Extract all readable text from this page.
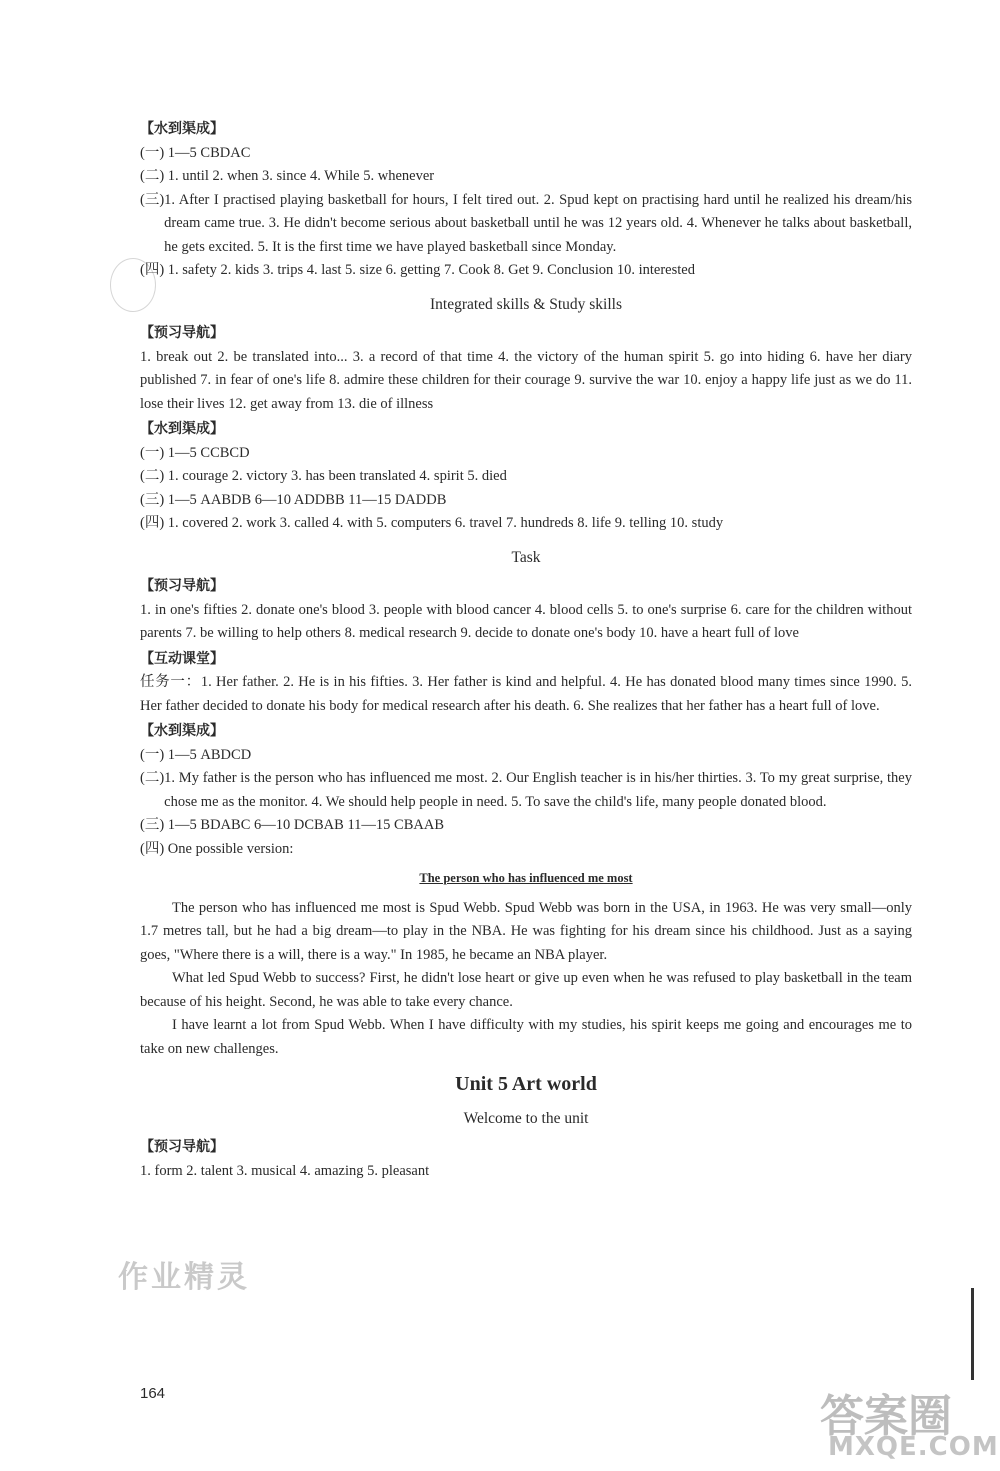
【水到渠成】
(一) 1—5 CBDAC
(二) 1. until 2. when 3. since 4. While 5. whenever
(三) 1. After I practised playing basketball for hours, I felt tired out. 2. Spud kept on practising hard until he realized his dream/his dream came true. 3. He didn't become serious about basketball until he was 12 years old. 4. Whenever he talks about basketball, he gets excited. 5. It is the first time we have played basketball since Monday.
(四) 1. safety 2. kids 3. trips 4. last 5. size 6. getting 7. Cook 8. Get 9. Conclusion 10. interested
Integrated skills & Study skills
【预习导航】
1. break out 2. be translated into... 3. a record of that time 4. the victory of the human spirit 5. go into hiding 6. have her diary published 7. in fear of one's life 8. admire these children for their courage 9. survive the war 10. enjoy a happy life just as we do 11. lose their lives 12. get away from 13. die of illness
【水到渠成】
(一) 1—5 CCBCD
(二) 1. courage 2. victory 3. has been translated 4. spirit 5. died
(三) 1—5 AABDB 6—10 ADDBB 11—15 DADDB
(四) 1. covered 2. work 3. called 4. with 5. computers 6. travel 7. hundreds 8. life 9. telling 10. study
Task
【预习导航】
1. in one's fifties 2. donate one's blood 3. people with blood cancer 4. blood cells 5. to one's surprise 6. care for the children without parents 7. be willing to help others 8. medical research 9. decide to donate one's body 10. have a heart full of love
【互动课堂】
任务一：1. Her father. 2. He is in his fifties. 3. Her father is kind and helpful. 4. He has donated blood many times since 1990. 5. Her father decided to donate his body for medical research after his death. 6. She realizes that her father has a heart full of love.
【水到渠成】
(一) 1—5 ABDCD
(二) 1. My father is the person who has influenced me most. 2. Our English teacher is in his/her thirties. 3. To my great surprise, they chose me as the monitor. 4. We should help people in need. 5. To save the child's life, many people donated blood.
(三) 1—5 BDABC 6—10 DCBAB 11—15 CBAAB
(四) One possible version:
The person who has influenced me most

The person who has influenced me most is Spud Webb. Spud Webb was born in the USA, in 1963. He was very small—only 1.7 metres tall, but he had a big dream—to play in the NBA. He was fighting for his dream since his childhood. Just as a saying goes, "Where there is a will, there is a way." In 1985, he became an NBA player.

What led Spud Webb to success? First, he didn't lose heart or give up even when he was refused to play basketball in the team because of his height. Second, he was able to take every chance.

I have learnt a lot from Spud Webb. When I have difficulty with my studies, his spirit keeps me going and encourages me to take on new challenges.

Unit 5 Art world
Welcome to the unit
【预习导航】
1. form 2. talent 3. musical 4. amazing 5. pleasant
作业精灵
164	答案圈
MXQE.COM
